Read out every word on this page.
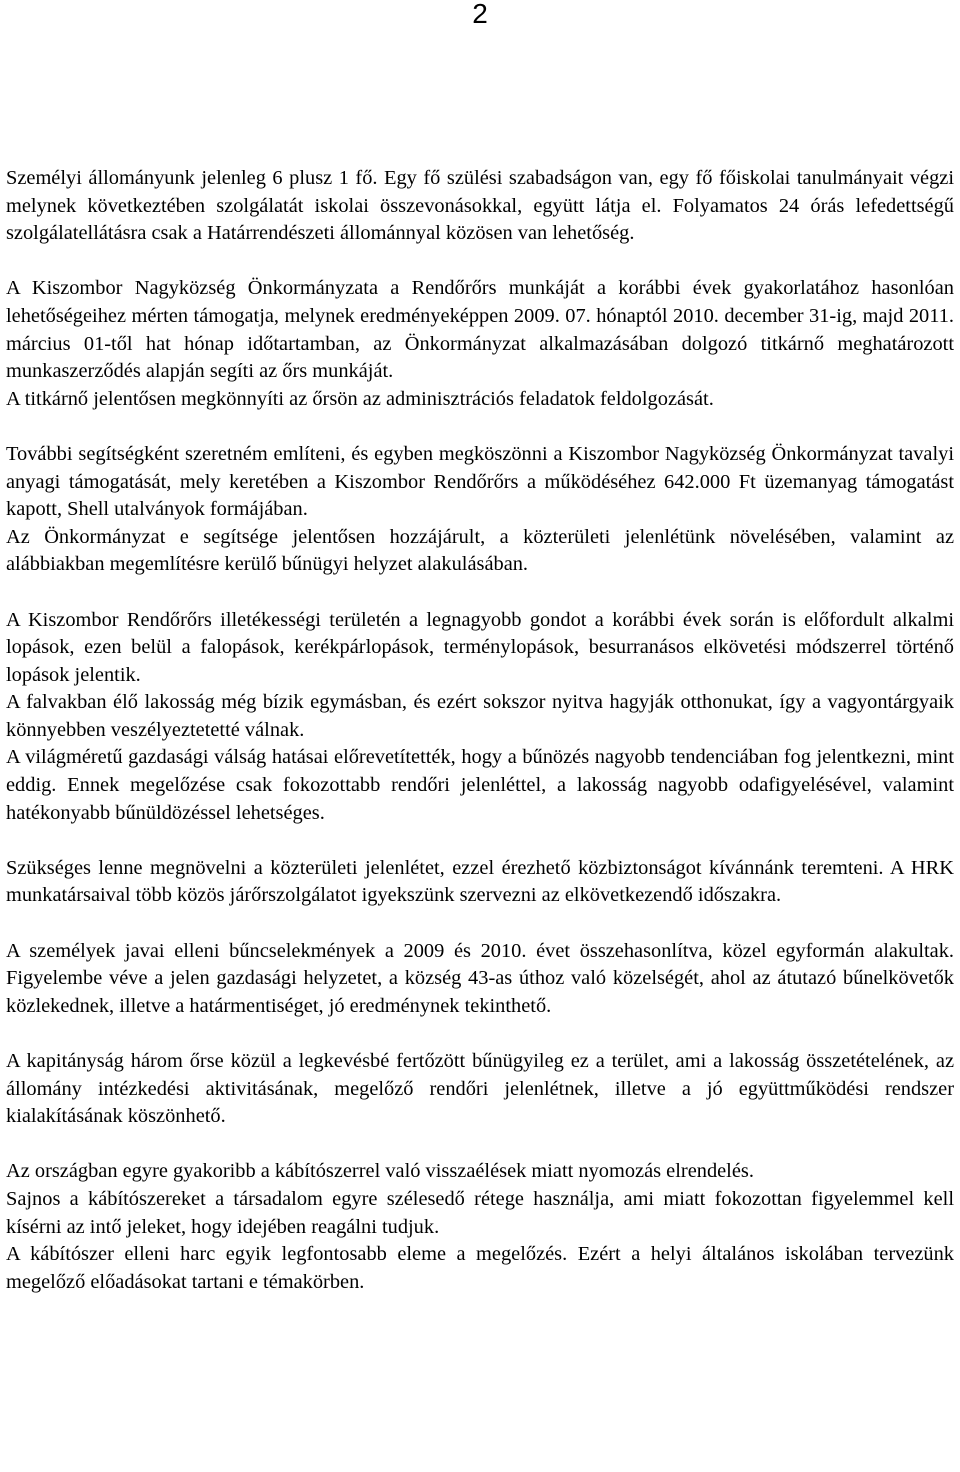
2

Személyi állományunk jelenleg 6 plusz 1 fő. Egy fő szülési szabadságon van, egy fő főiskolai tanulmányait végzi melynek következtében szolgálatát iskolai összevonásokkal, együtt látja el. Folyamatos 24 órás lefedettségű szolgálatellátásra csak a Határrendészeti állománnyal közösen van lehetőség.

A Kiszombor Nagyközség Önkormányzata a Rendőrőrs munkáját a korábbi évek gyakorlatához hasonlóan lehetőségeihez mérten támogatja, melynek eredményeképpen 2009. 07. hónaptól 2010. december 31-ig, majd 2011. március 01-től hat hónap időtartamban, az Önkormányzat alkalmazásában dolgozó titkárnő meghatározott munkaszerződés alapján segíti az őrs munkáját.

A titkárnő jelentősen megkönnyíti az őrsön az adminisztrációs feladatok feldolgozását.

További segítségként szeretném említeni, és egyben megköszönni a Kiszombor Nagyközség Önkormányzat tavalyi anyagi támogatását, mely keretében a Kiszombor Rendőrőrs a működéséhez 642.000 Ft üzemanyag támogatást kapott, Shell utalványok formájában.

Az Önkormányzat e segítsége jelentősen hozzájárult, a közterületi jelenlétünk növelésében, valamint az alábbiakban megemlítésre kerülő bűnügyi helyzet alakulásában.

A Kiszombor Rendőrőrs illetékességi területén a legnagyobb gondot a korábbi évek során is előfordult alkalmi lopások, ezen belül a falopások, kerékpárlopások, terménylopások, besurranásos elkövetési módszerrel történő lopások jelentik.

A falvakban élő lakosság még bízik egymásban, és ezért sokszor nyitva hagyják otthonukat, így a vagyontárgyaik könnyebben veszélyeztetetté válnak.

A világméretű gazdasági válság hatásai előrevetítették, hogy a bűnözés nagyobb tendenciában fog jelentkezni, mint eddig. Ennek megelőzése csak fokozottabb rendőri jelenléttel, a lakosság nagyobb odafigyelésével, valamint hatékonyabb bűnüldözéssel lehetséges.

Szükséges lenne megnövelni a közterületi jelenlétet, ezzel érezhető közbiztonságot kívánnánk teremteni. A HRK munkatársaival több közös járőrszolgálatot igyekszünk szervezni az elkövetkezendő időszakra.

A személyek javai elleni bűncselekmények a 2009 és 2010. évet összehasonlítva, közel egyformán alakultak. Figyelembe véve a jelen gazdasági helyzetet, a község 43-as úthoz való közelségét, ahol az átutazó bűnelkövetők közlekednek, illetve a határmentiséget, jó eredménynek tekinthető.

A kapitányság három őrse közül a legkevésbé fertőzött bűnügyileg ez a terület, ami a lakosság összetételének, az állomány intézkedési aktivitásának, megelőző rendőri jelenlétnek, illetve a jó együttműködési rendszer kialakításának köszönhető.

Az országban egyre gyakoribb a kábítószerrel való visszaélések miatt nyomozás elrendelés.

Sajnos a kábítószereket a társadalom egyre szélesedő rétege használja, ami miatt fokozottan figyelemmel kell kísérni az intő jeleket, hogy idejében reagálni tudjuk.

A kábítószer elleni harc egyik legfontosabb eleme a megelőzés. Ezért a helyi általános iskolában tervezünk megelőző előadásokat tartani e témakörben.
